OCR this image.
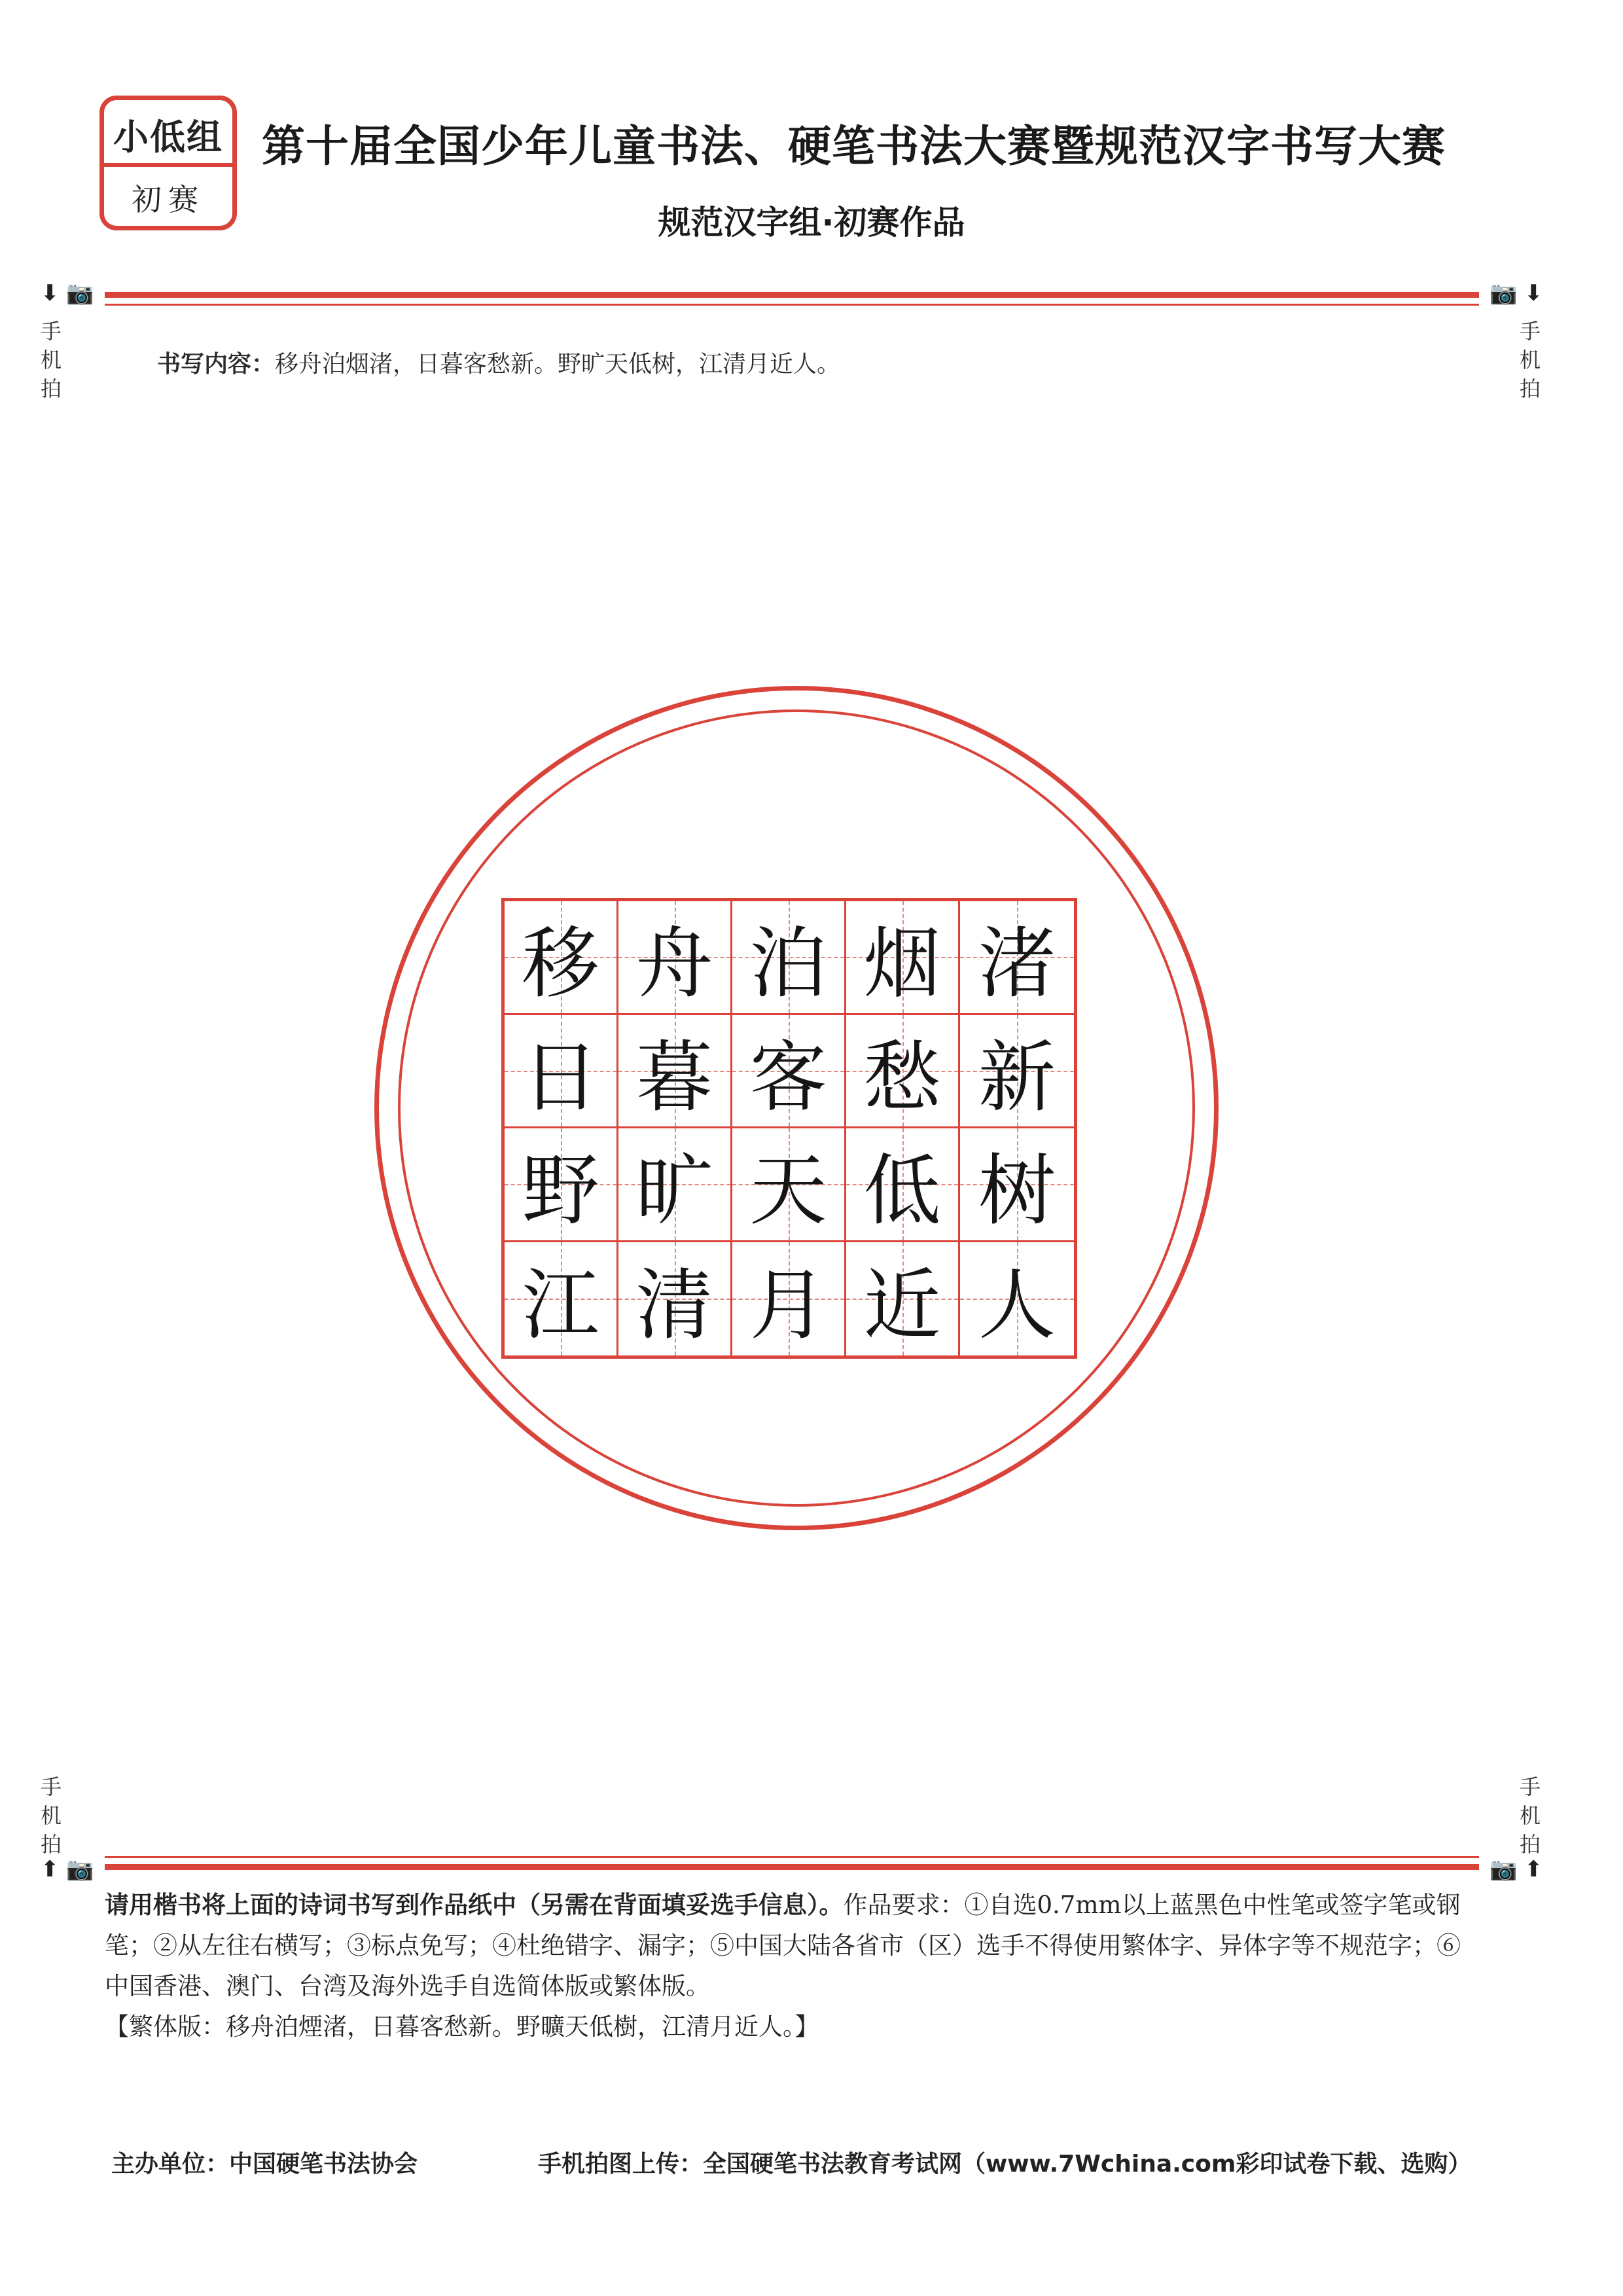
小低组
初赛
第十届全国少年儿童书法、硬笔书法大赛暨规范汉字书写大赛
规范汉字组·初赛作品
⬇ 📷
手
机
拍
📷 ⬇
手
机
拍
书写内容：移舟泊烟渚，日暮客愁新。野旷天低树，江清月近人。
移 舟 泊 烟 渚
日 暮 客 愁 新
野 旷 天 低 树
江 清 月 近 人
手
机
拍
⬆ 📷
手
机
拍
📷 ⬆
请用楷书将上面的诗词书写到作品纸中（另需在背面填妥选手信息）。作品要求：①自选0.7mm以上蓝黑色中性笔或签字笔或钢笔；②从左往右横写；③标点免写；④杜绝错字、漏字；⑤中国大陆各省市（区）选手不得使用繁体字、异体字等不规范字；⑥中国香港、澳门、台湾及海外选手自选简体版或繁体版。
【繁体版：移舟泊煙渚，日暮客愁新。野曠天低樹，江清月近人。】
主办单位：中国硬笔书法协会	手机拍图上传：全国硬笔书法教育考试网（www.7Wchina.com彩印试卷下载、选购）
